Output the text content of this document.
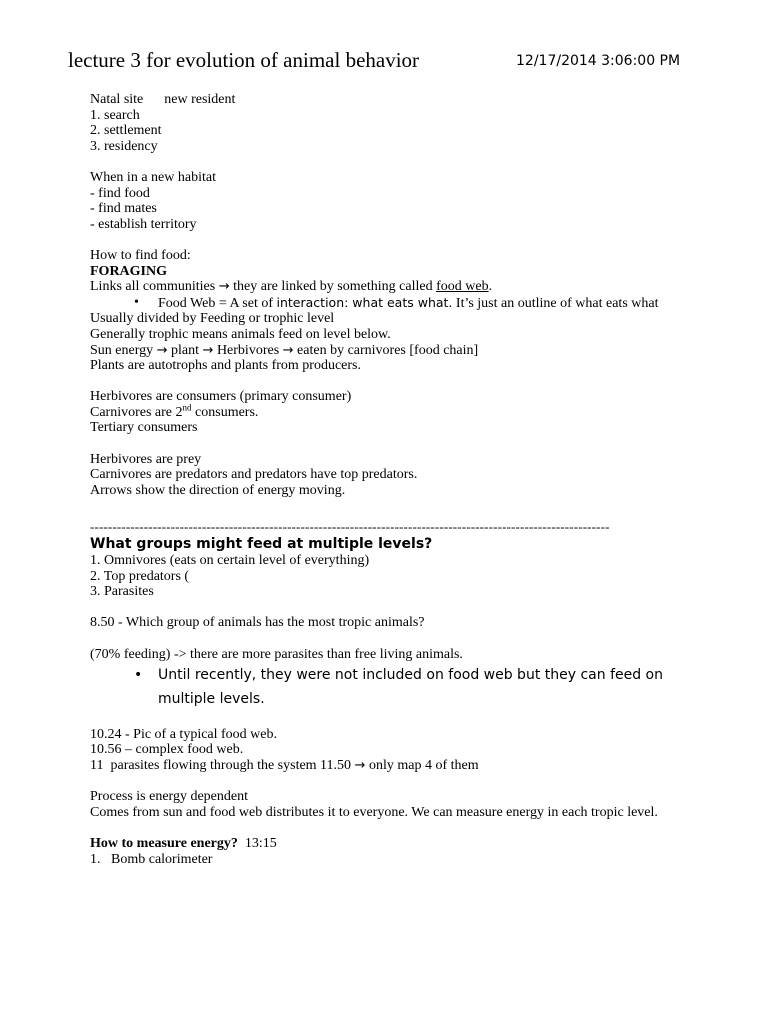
lecture 3 for evolution of animal behavior	12/17/2014 3:06:00 PM
Natal site new resident
1. search
2. settlement
3. residency
When in a new habitat
- find food
- find mates
- establish territory
How to find food:
FORAGING
Links all communities → they are linked by something called food web.
• Food Web = A set of interaction: what eats what. It’s just an outline of what eats what
Usually divided by Feeding or trophic level
Generally trophic means animals feed on level below.
Sun energy → plant → Herbivores → eaten by carnivores [food chain]
Plants are autotrophs and plants from producers.
Herbivores are consumers (primary consumer)
Carnivores are 2nd consumers.
Tertiary consumers
Herbivores are prey
Carnivores are predators and predators have top predators.
Arrows show the direction of energy moving.
--------------------------------------------------------------------------------------------------------------------
What groups might feed at multiple levels?
1. Omnivores (eats on certain level of everything)
2. Top predators (
3. Parasites
8.50 - Which group of animals has the most tropic animals?
(70% feeding) -> there are more parasites than free living animals.
• Until recently, they were not included on food web but they can feed on multiple levels.
10.24 - Pic of a typical food web.
10.56 – complex food web.
11  parasites flowing through the system 11.50 → only map 4 of them
Process is energy dependent
Comes from sun and food web distributes it to everyone. We can measure energy in each tropic level.
How to measure energy? 13:15
1. Bomb calorimeter
